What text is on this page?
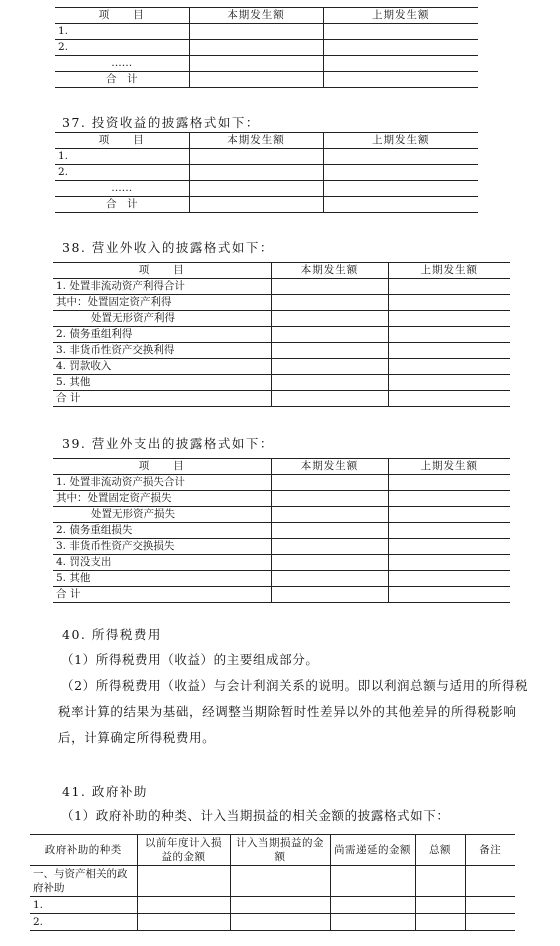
项　　目	本期发生额	上期发生额
1.		
2.		
……		
合　计		
37. 投资收益的披露格式如下：
项　　目	本期发生额	上期发生额
1.		
2.		
……		
合　计		
38. 营业外收入的披露格式如下：
项　　目	本期发生额	上期发生额
1. 处置非流动资产利得合计		
其中：处置固定资产利得		
处置无形资产利得		
2. 债务重组利得		
3. 非货币性资产交换利得		
4. 罚款收入		
5. 其他		
合 计		
39. 营业外支出的披露格式如下：
项　　目	本期发生额	上期发生额
1. 处置非流动资产损失合计		
其中：处置固定资产损失		
处置无形资产损失		
2. 债务重组损失		
3. 非货币性资产交换损失		
4. 罚没支出		
5. 其他		
合 计		
40. 所得税费用

（1）所得税费用（收益）的主要组成部分。

（2）所得税费用（收益）与会计利润关系的说明。即以利润总额与适用的所得税税率计算的结果为基础，经调整当期除暂时性差异以外的其他差异的所得税影响后，计算确定所得税费用。

41. 政府补助

（1）政府补助的种类、计入当期损益的相关金额的披露格式如下：

政府补助的种类	以前年度计入损益的金额	计入当期损益的金额	尚需递延的金额	总额	备注
一、与资产相关的政府补助					
1.					
2.					
